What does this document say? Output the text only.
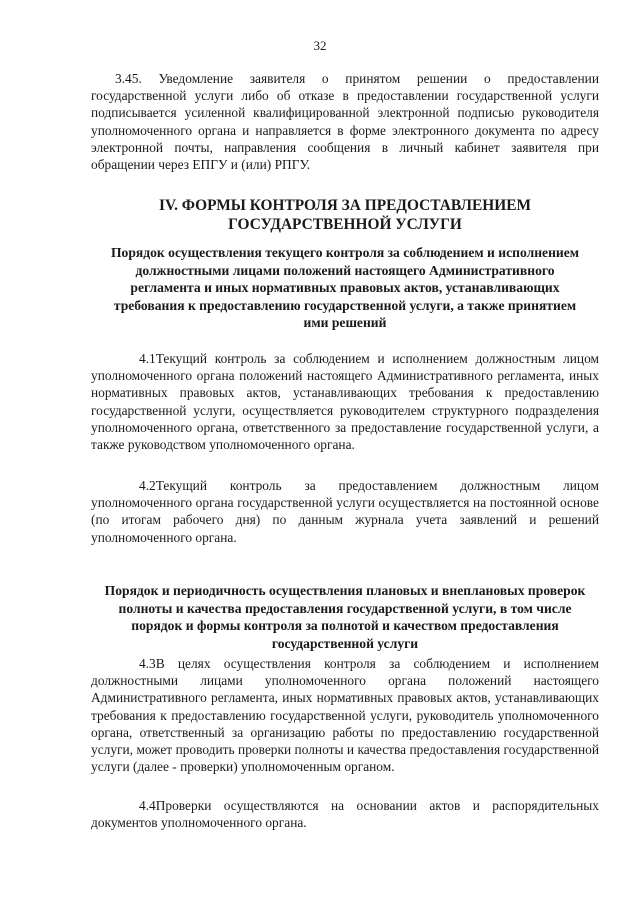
32

3.45. Уведомление заявителя о принятом решении о предоставлении государственной услуги либо об отказе в предоставлении государственной услуги подписывается усиленной квалифицированной электронной подписью руководителя уполномоченного органа и направляется в форме электронного документа по адресу электронной почты, направления сообщения в личный кабинет заявителя при обращении через ЕПГУ и (или) РПГУ.

IV. ФОРМЫ КОНТРОЛЯ ЗА ПРЕДОСТАВЛЕНИЕМ ГОСУДАРСТВЕННОЙ УСЛУГИ
Порядок осуществления текущего контроля за соблюдением и исполнением должностными лицами положений настоящего Административного регламента и иных нормативных правовых актов, устанавливающих требования к предоставлению государственной услуги, а также принятием ими решений

4.1Текущий контроль за соблюдением и исполнением должностным лицом уполномоченного органа положений настоящего Административного регламента, иных нормативных правовых актов, устанавливающих требования к предоставлению государственной услуги, осуществляется руководителем структурного подразделения уполномоченного органа, ответственного за предоставление государственной услуги, а также руководством уполномоченного органа.

4.2Текущий контроль за предоставлением должностным лицом уполномоченного органа государственной услуги осуществляется на постоянной основе (по итогам рабочего дня) по данным журнала учета заявлений и решений уполномоченного органа.

Порядок и периодичность осуществления плановых и внеплановых проверок полноты и качества предоставления государственной услуги, в том числе порядок и формы контроля за полнотой и качеством предоставления государственной услуги

4.3В целях осуществления контроля за соблюдением и исполнением должностными лицами уполномоченного органа положений настоящего Административного регламента, иных нормативных правовых актов, устанавливающих требования к предоставлению государственной услуги, руководитель уполномоченного органа, ответственный за организацию работы по предоставлению государственной услуги, может проводить проверки полноты и качества предоставления государственной услуги (далее - проверки) уполномоченным органом.

4.4Проверки осуществляются на основании актов и распорядительных документов уполномоченного органа.
